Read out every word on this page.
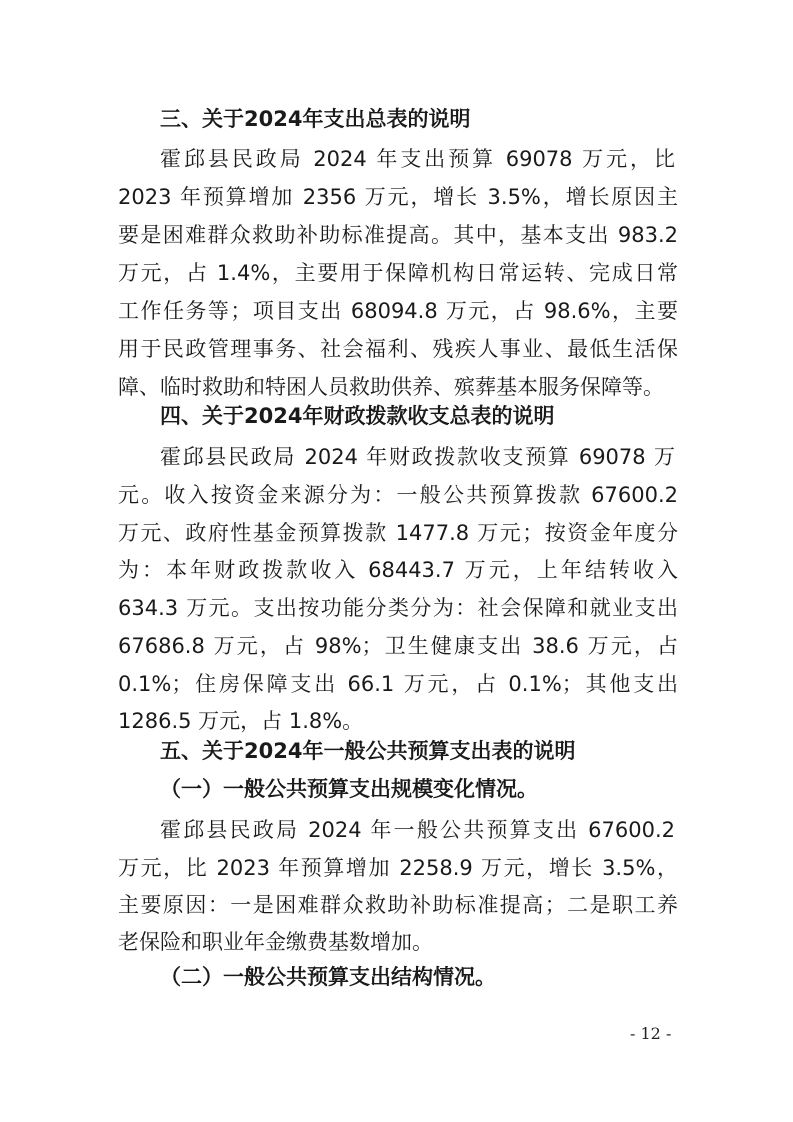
三、关于2024年支出总表的说明
霍邱县民政局 2024 年支出预算 69078 万元，比
2023 年预算增加 2356 万元，增长 3.5%，增长原因主
要是困难群众救助补助标准提高。其中，基本支出 983.2
万元，占 1.4%，主要用于保障机构日常运转、完成日常
工作任务等；项目支出 68094.8 万元，占 98.6%，主要
用于民政管理事务、社会福利、残疾人事业、最低生活保
障、临时救助和特困人员救助供养、殡葬基本服务保障等。
四、关于2024年财政拨款收支总表的说明
霍邱县民政局 2024 年财政拨款收支预算 69078 万
元。收入按资金来源分为：一般公共预算拨款 67600.2
万元、政府性基金预算拨款 1477.8 万元；按资金年度分
为：本年财政拨款收入 68443.7 万元，上年结转收入
634.3 万元。支出按功能分类分为：社会保障和就业支出
67686.8 万元，占 98%；卫生健康支出 38.6 万元，占
0.1%；住房保障支出 66.1 万元，占 0.1%；其他支出
1286.5 万元，占 1.8%。
五、关于2024年一般公共预算支出表的说明
（一）一般公共预算支出规模变化情况。
霍邱县民政局 2024 年一般公共预算支出 67600.2
万元，比 2023 年预算增加 2258.9 万元，增长 3.5%，
主要原因：一是困难群众救助补助标准提高；二是职工养
老保险和职业年金缴费基数增加。
（二）一般公共预算支出结构情况。
- 12 -
